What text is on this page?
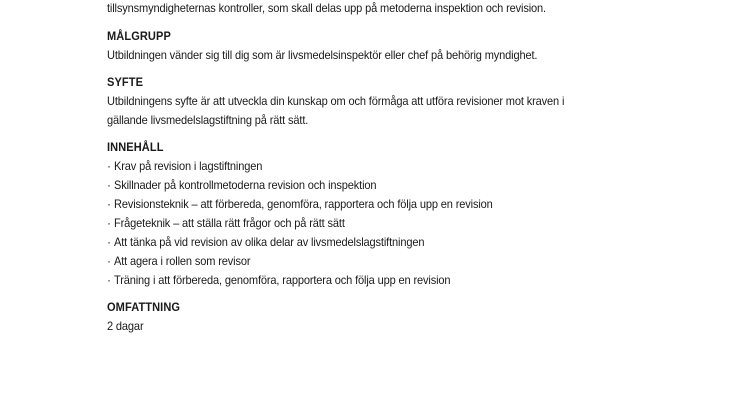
tillsynsmyndigheternas kontroller, som skall delas upp på metoderna inspektion och revision.

MÅLGRUPP

Utbildningen vänder sig till dig som är livsmedelsinspektör eller chef på behörig myndighet.

SYFTE

Utbildningens syfte är att utveckla din kunskap om och förmåga att utföra revisioner mot kraven i

gällande livsmedelslagstiftning på rätt sätt.

INNEHÅLL

· Krav på revision i lagstiftningen
· Skillnader på kontrollmetoderna revision och inspektion
· Revisionsteknik – att förbereda, genomföra, rapportera och följa upp en revision
· Frågeteknik – att ställa rätt frågor och på rätt sätt
· Att tänka på vid revision av olika delar av livsmedelslagstiftningen
· Att agera i rollen som revisor
· Träning i att förbereda, genomföra, rapportera och följa upp en revision

OMFATTNING

2 dagar
